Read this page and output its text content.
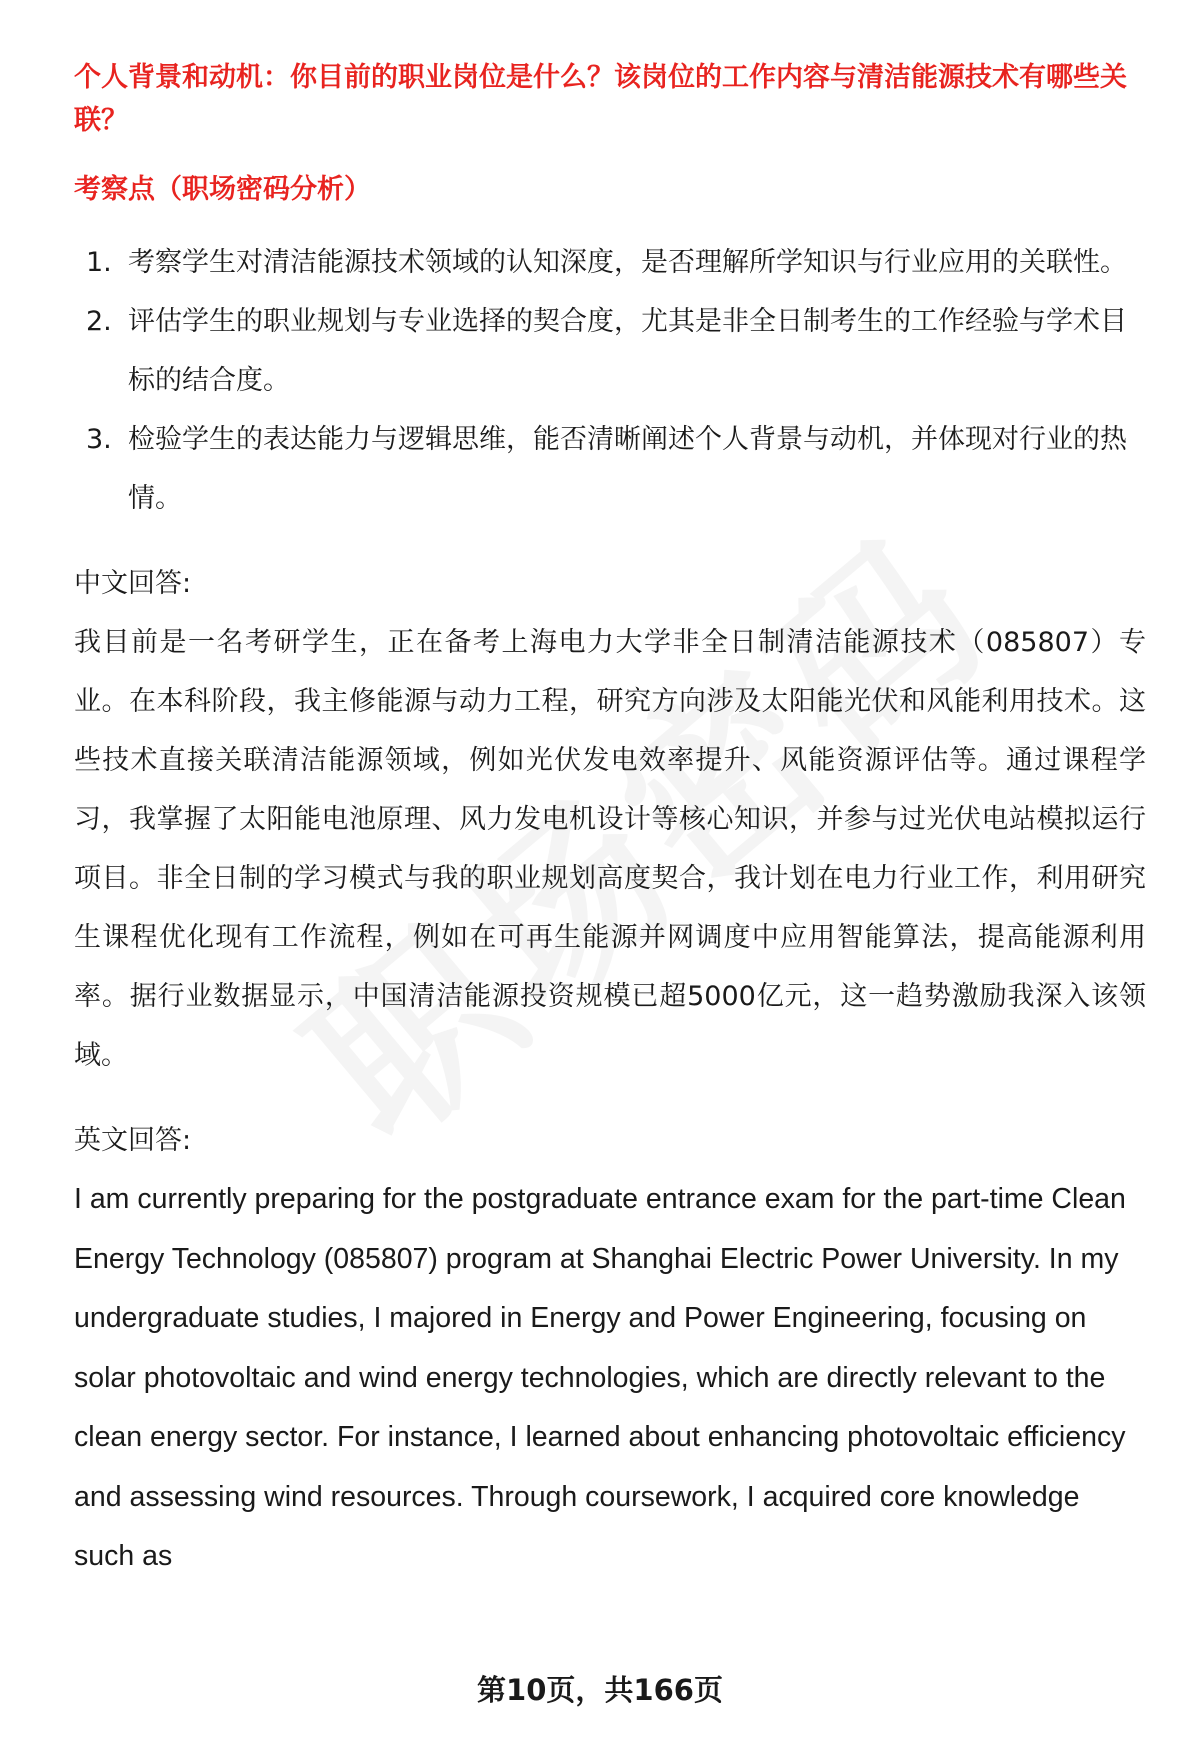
个人背景和动机：你目前的职业岗位是什么？该岗位的工作内容与清洁能源技术有哪些关联？

考察点（职场密码分析）

1. 考察学生对清洁能源技术领域的认知深度，是否理解所学知识与行业应用的关联性。
2. 评估学生的职业规划与专业选择的契合度，尤其是非全日制考生的工作经验与学术目标的结合度。
3. 检验学生的表达能力与逻辑思维，能否清晰阐述个人背景与动机，并体现对行业的热情。

中文回答:

我目前是一名考研学生，正在备考上海电力大学非全日制清洁能源技术（085807）专业。在本科阶段，我主修能源与动力工程，研究方向涉及太阳能光伏和风能利用技术。这些技术直接关联清洁能源领域，例如光伏发电效率提升、风能资源评估等。通过课程学习，我掌握了太阳能电池原理、风力发电机设计等核心知识，并参与过光伏电站模拟运行项目。非全日制的学习模式与我的职业规划高度契合，我计划在电力行业工作，利用研究生课程优化现有工作流程，例如在可再生能源并网调度中应用智能算法，提高能源利用率。据行业数据显示，中国清洁能源投资规模已超5000亿元，这一趋势激励我深入该领域。

英文回答:

I am currently preparing for the postgraduate entrance exam for the part-time Clean Energy Technology (085807) program at Shanghai Electric Power University. In my undergraduate studies, I majored in Energy and Power Engineering, focusing on solar photovoltaic and wind energy technologies, which are directly relevant to the clean energy sector. For instance, I learned about enhancing photovoltaic efficiency and assessing wind resources. Through coursework, I acquired core knowledge such as

第10页，共166页
